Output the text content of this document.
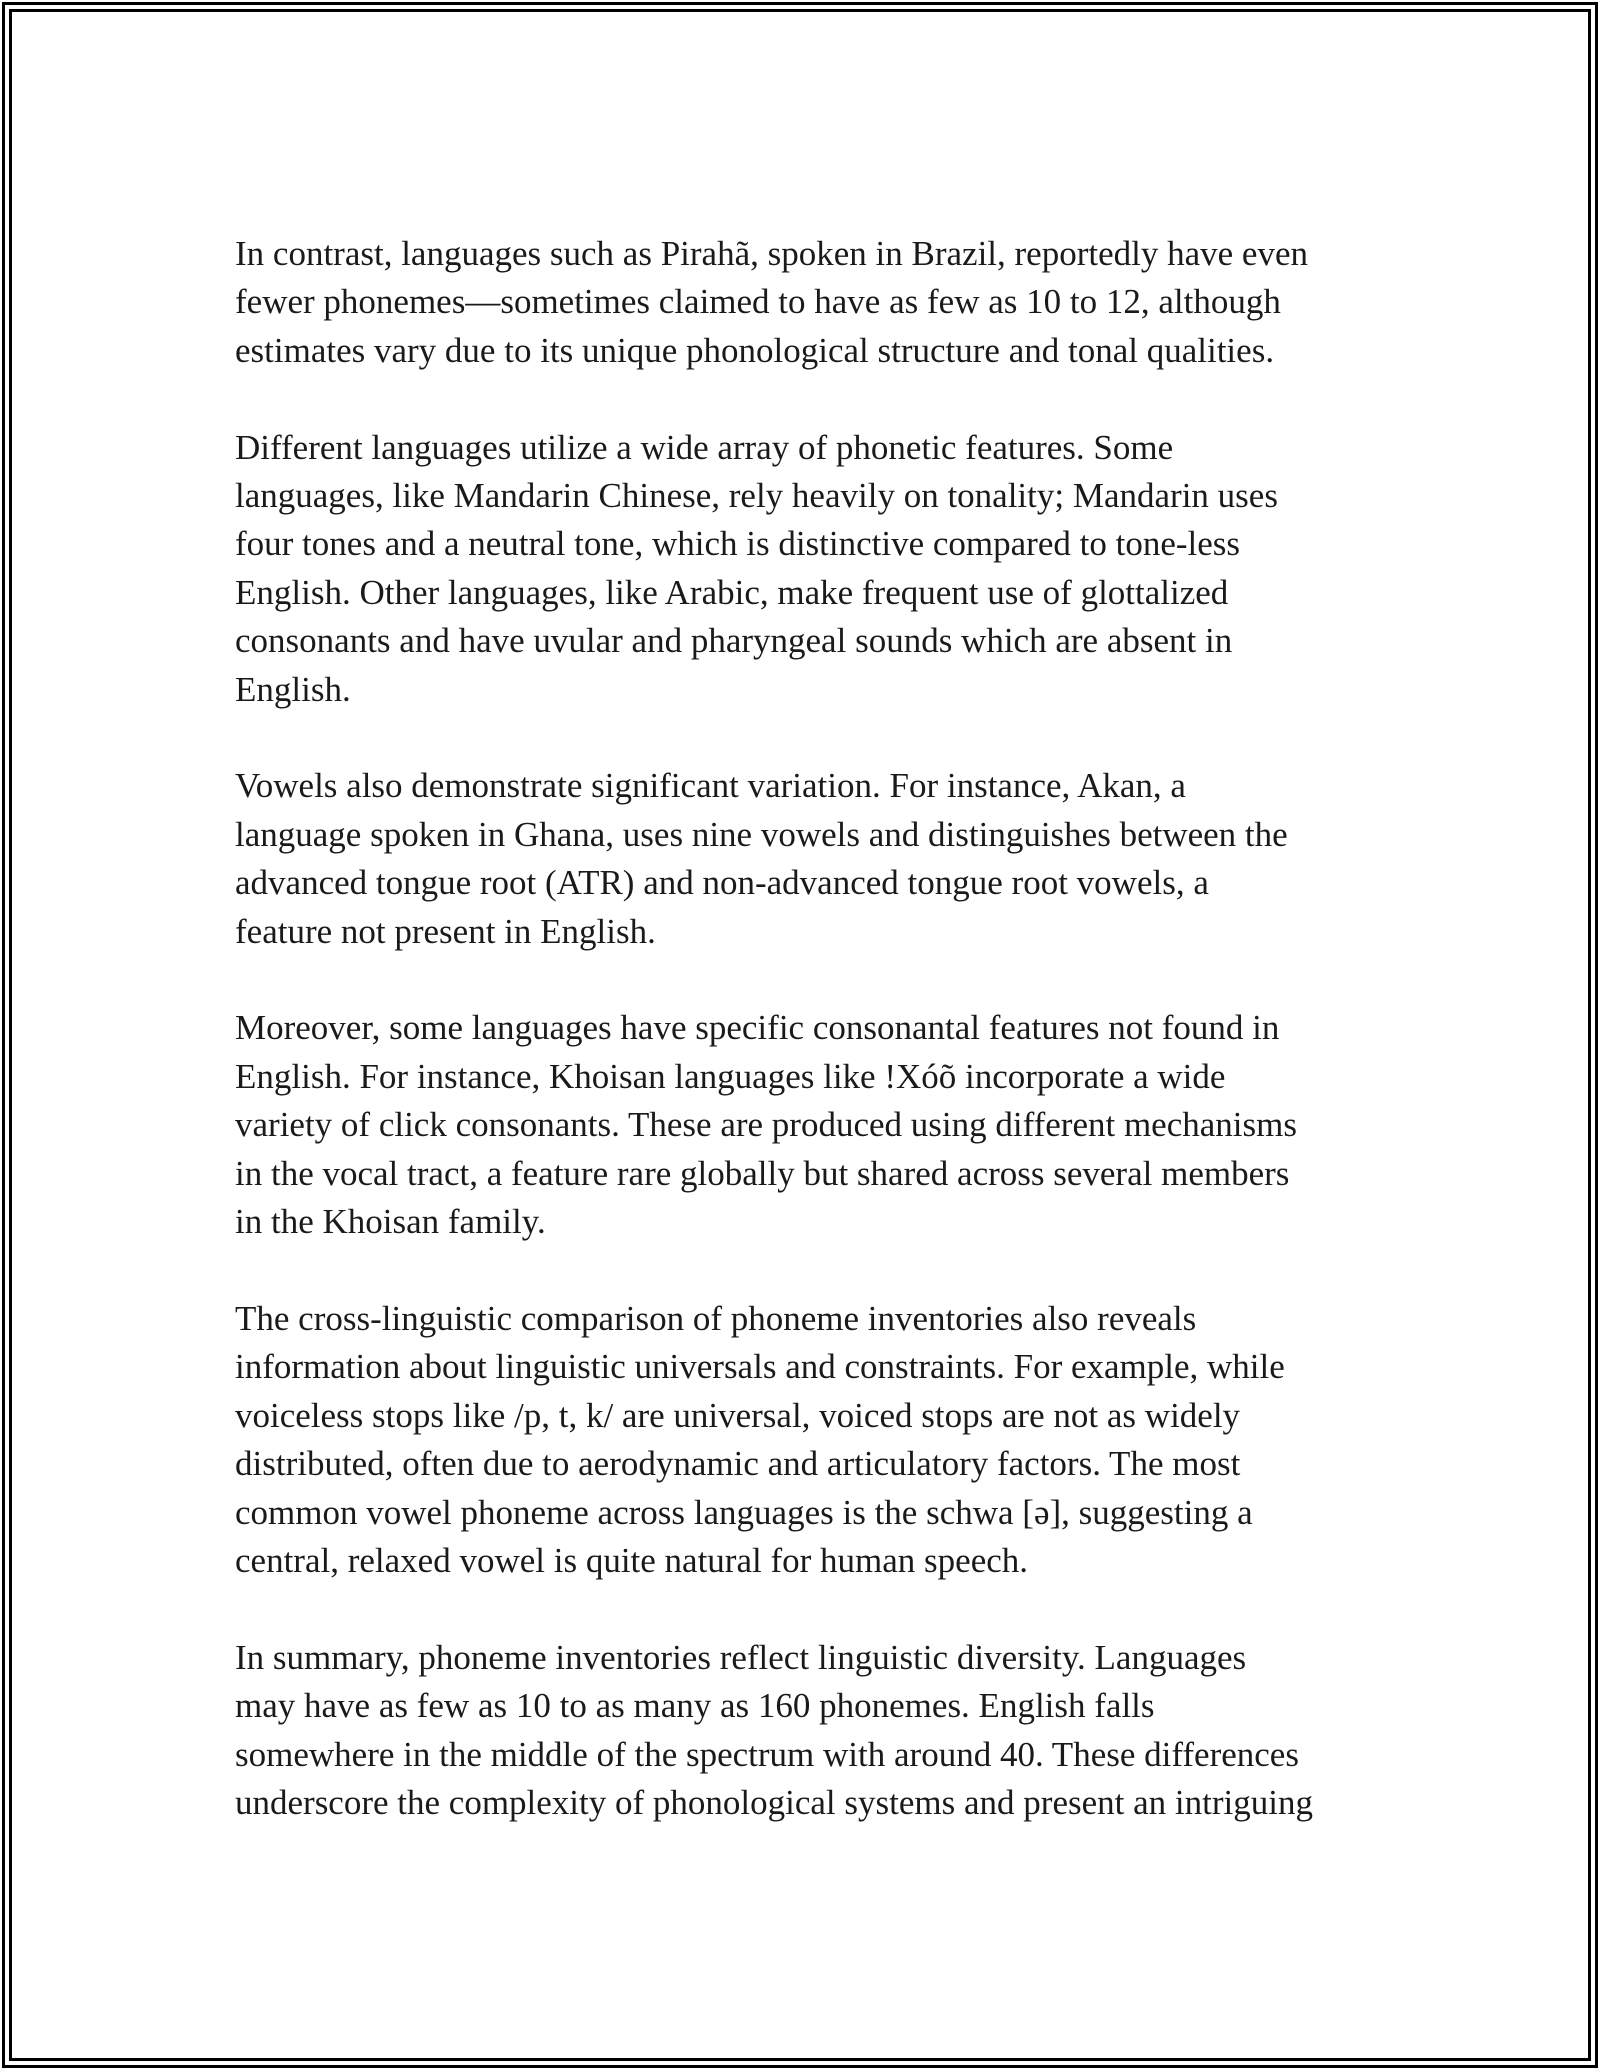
In contrast, languages such as Pirahã, spoken in Brazil, reportedly have even
fewer phonemes—sometimes claimed to have as few as 10 to 12, although
estimates vary due to its unique phonological structure and tonal qualities.

Different languages utilize a wide array of phonetic features. Some
languages, like Mandarin Chinese, rely heavily on tonality; Mandarin uses
four tones and a neutral tone, which is distinctive compared to tone-less
English. Other languages, like Arabic, make frequent use of glottalized
consonants and have uvular and pharyngeal sounds which are absent in
English.

Vowels also demonstrate significant variation. For instance, Akan, a
language spoken in Ghana, uses nine vowels and distinguishes between the
advanced tongue root (ATR) and non-advanced tongue root vowels, a
feature not present in English.

Moreover, some languages have specific consonantal features not found in
English. For instance, Khoisan languages like !Xóõ incorporate a wide
variety of click consonants. These are produced using different mechanisms
in the vocal tract, a feature rare globally but shared across several members
in the Khoisan family.

The cross-linguistic comparison of phoneme inventories also reveals
information about linguistic universals and constraints. For example, while
voiceless stops like /p, t, k/ are universal, voiced stops are not as widely
distributed, often due to aerodynamic and articulatory factors. The most
common vowel phoneme across languages is the schwa [ə], suggesting a
central, relaxed vowel is quite natural for human speech.

In summary, phoneme inventories reflect linguistic diversity. Languages
may have as few as 10 to as many as 160 phonemes. English falls
somewhere in the middle of the spectrum with around 40. These differences
underscore the complexity of phonological systems and present an intriguing
